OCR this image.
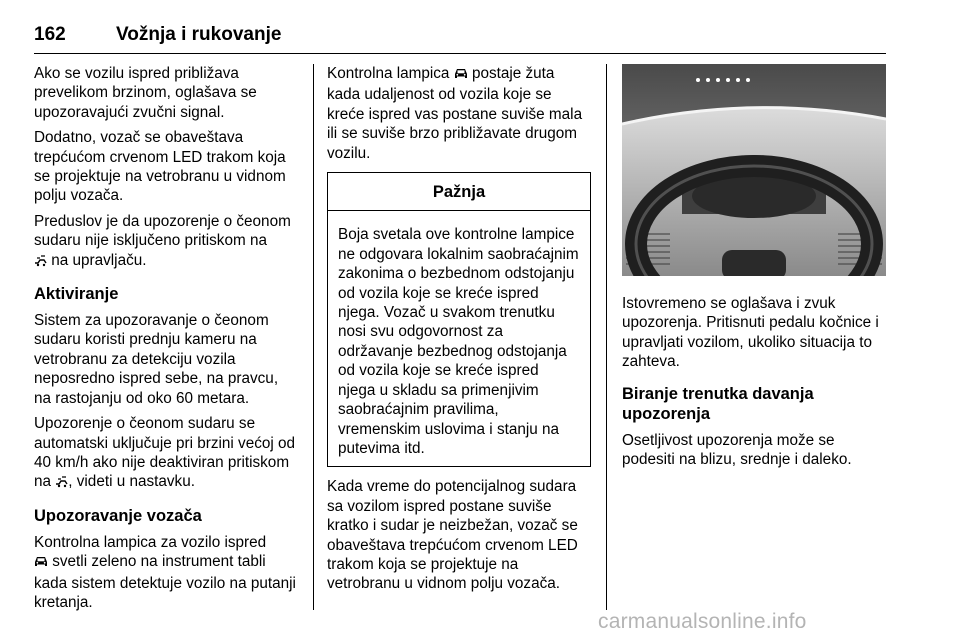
162	Vožnja i rukovanje

Ako se vozilu ispred približava prevelikom brzinom, oglašava se upozoravajući zvučni signal.

Dodatno, vozač se obaveštava trepćućom crvenom LED trakom koja se projektuje na vetrobranu u vidnom polju vozača.

Preduslov je da upozorenje o čeonom sudaru nije isključeno pritiskom na
na upravljaču.

Aktiviranje

Sistem za upozoravanje o čeonom sudaru koristi prednju kameru na vetrobranu za detekciju vozila neposredno ispred sebe, na pravcu, na rastojanju od oko 60 metara.

Upozorenje o čeonom sudaru se automatski uključuje pri brzini većoj od 40 km/h ako nije deaktiviran pritiskom na , videti u nastavku.

Upozoravanje vozača

Kontrolna lampica za vozilo ispred
svetli zeleno na instrument tabli kada sistem detektuje vozilo na putanji kretanja.

Kontrolna lampica postaje žuta kada udaljenost od vozila koje se kreće ispred vas postane suviše mala ili se suviše brzo približavate drugom vozilu.

Pažnja
Boja svetala ove kontrolne lampice ne odgovara lokalnim saobraćajnim zakonima o bezbednom odstojanju od vozila koje se kreće ispred njega. Vozač u svakom trenutku nosi svu odgovornost za održavanje bezbednog odstojanja od vozila koje se kreće ispred njega u skladu sa primenjivim saobraćajnim pravilima, vremenskim uslovima i stanju na putevima itd.

Kada vreme do potencijalnog sudara sa vozilom ispred postane suviše kratko i sudar je neizbežan, vozač se obaveštava trepćućom crvenom LED trakom koja se projektuje na vetrobranu u vidnom polju vozača.

Istovremeno se oglašava i zvuk upozorenja. Pritisnuti pedalu kočnice i upravljati vozilom, ukoliko situacija to zahteva.

Biranje trenutka davanja upozorenja

Osetljivost upozorenja može se podesiti na blizu, srednje i daleko.

carmanualsonline.info
